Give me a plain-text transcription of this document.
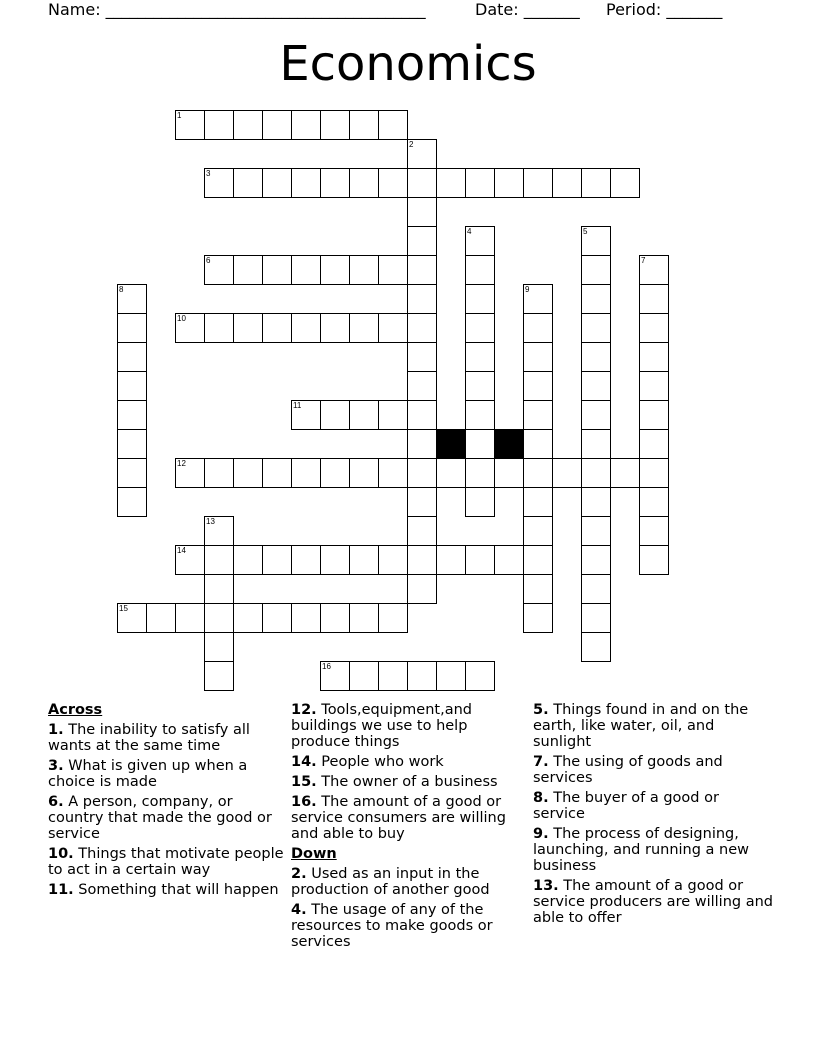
Name: ________________________________________	Date: _______ Period: _______
Economics
1
3
6
10
11
12
14
15
16
2
4	5
7
8	9
13
Across
1. The inability to satisfy all wants at the same time
3. What is given up when a choice is made
6. A person, company, or country that made the good or service
10. Things that motivate people to act in a certain way
11. Something that will happen
12. Tools,equipment,and buildings we use to help produce things
14. People who work
15. The owner of a business
16. The amount of a good or service consumers are willing and able to buy
Down
2. Used as an input in the production of another good
4. The usage of any of the resources to make goods or services
5. Things found in and on the earth, like water, oil, and sunlight
7. The using of goods and services
8. The buyer of a good or service
9. The process of designing, launching, and running a new business
13. The amount of a good or service producers are willing and able to offer
